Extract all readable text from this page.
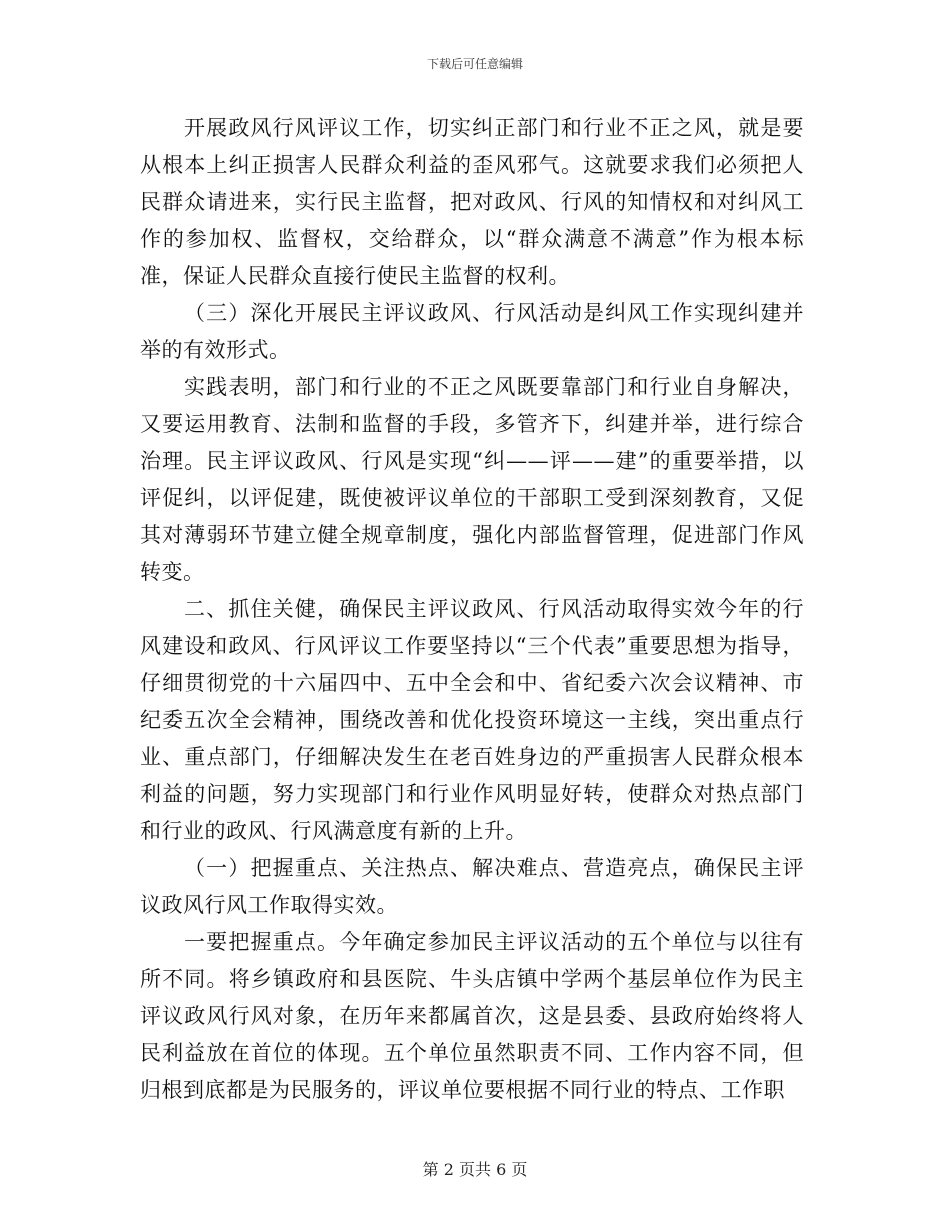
下载后可任意编辑

开展政风行风评议工作，切实纠正部门和行业不正之风，就是要从根本上纠正损害人民群众利益的歪风邪气。这就要求我们必须把人民群众请进来，实行民主监督，把对政风、行风的知情权和对纠风工作的参加权、监督权，交给群众，以“群众满意不满意”作为根本标准，保证人民群众直接行使民主监督的权利。

（三）深化开展民主评议政风、行风活动是纠风工作实现纠建并举的有效形式。

实践表明，部门和行业的不正之风既要靠部门和行业自身解决，又要运用教育、法制和监督的手段，多管齐下，纠建并举，进行综合治理。民主评议政风、行风是实现“纠——评——建”的重要举措，以评促纠，以评促建，既使被评议单位的干部职工受到深刻教育，又促其对薄弱环节建立健全规章制度，强化内部监督管理，促进部门作风转变。

二、抓住关健，确保民主评议政风、行风活动取得实效今年的行风建设和政风、行风评议工作要坚持以“三个代表”重要思想为指导，仔细贯彻党的十六届四中、五中全会和中、省纪委六次会议精神、市纪委五次全会精神，围绕改善和优化投资环境这一主线，突出重点行业、重点部门，仔细解决发生在老百姓身边的严重损害人民群众根本利益的问题，努力实现部门和行业作风明显好转，使群众对热点部门和行业的政风、行风满意度有新的上升。

（一）把握重点、关注热点、解决难点、营造亮点，确保民主评议政风行风工作取得实效。

一要把握重点。今年确定参加民主评议活动的五个单位与以往有所不同。将乡镇政府和县医院、牛头店镇中学两个基层单位作为民主评议政风行风对象，在历年来都属首次，这是县委、县政府始终将人民利益放在首位的体现。五个单位虽然职责不同、工作内容不同，但归根到底都是为民服务的，评议单位要根据不同行业的特点、工作职

第 2 页共 6 页
